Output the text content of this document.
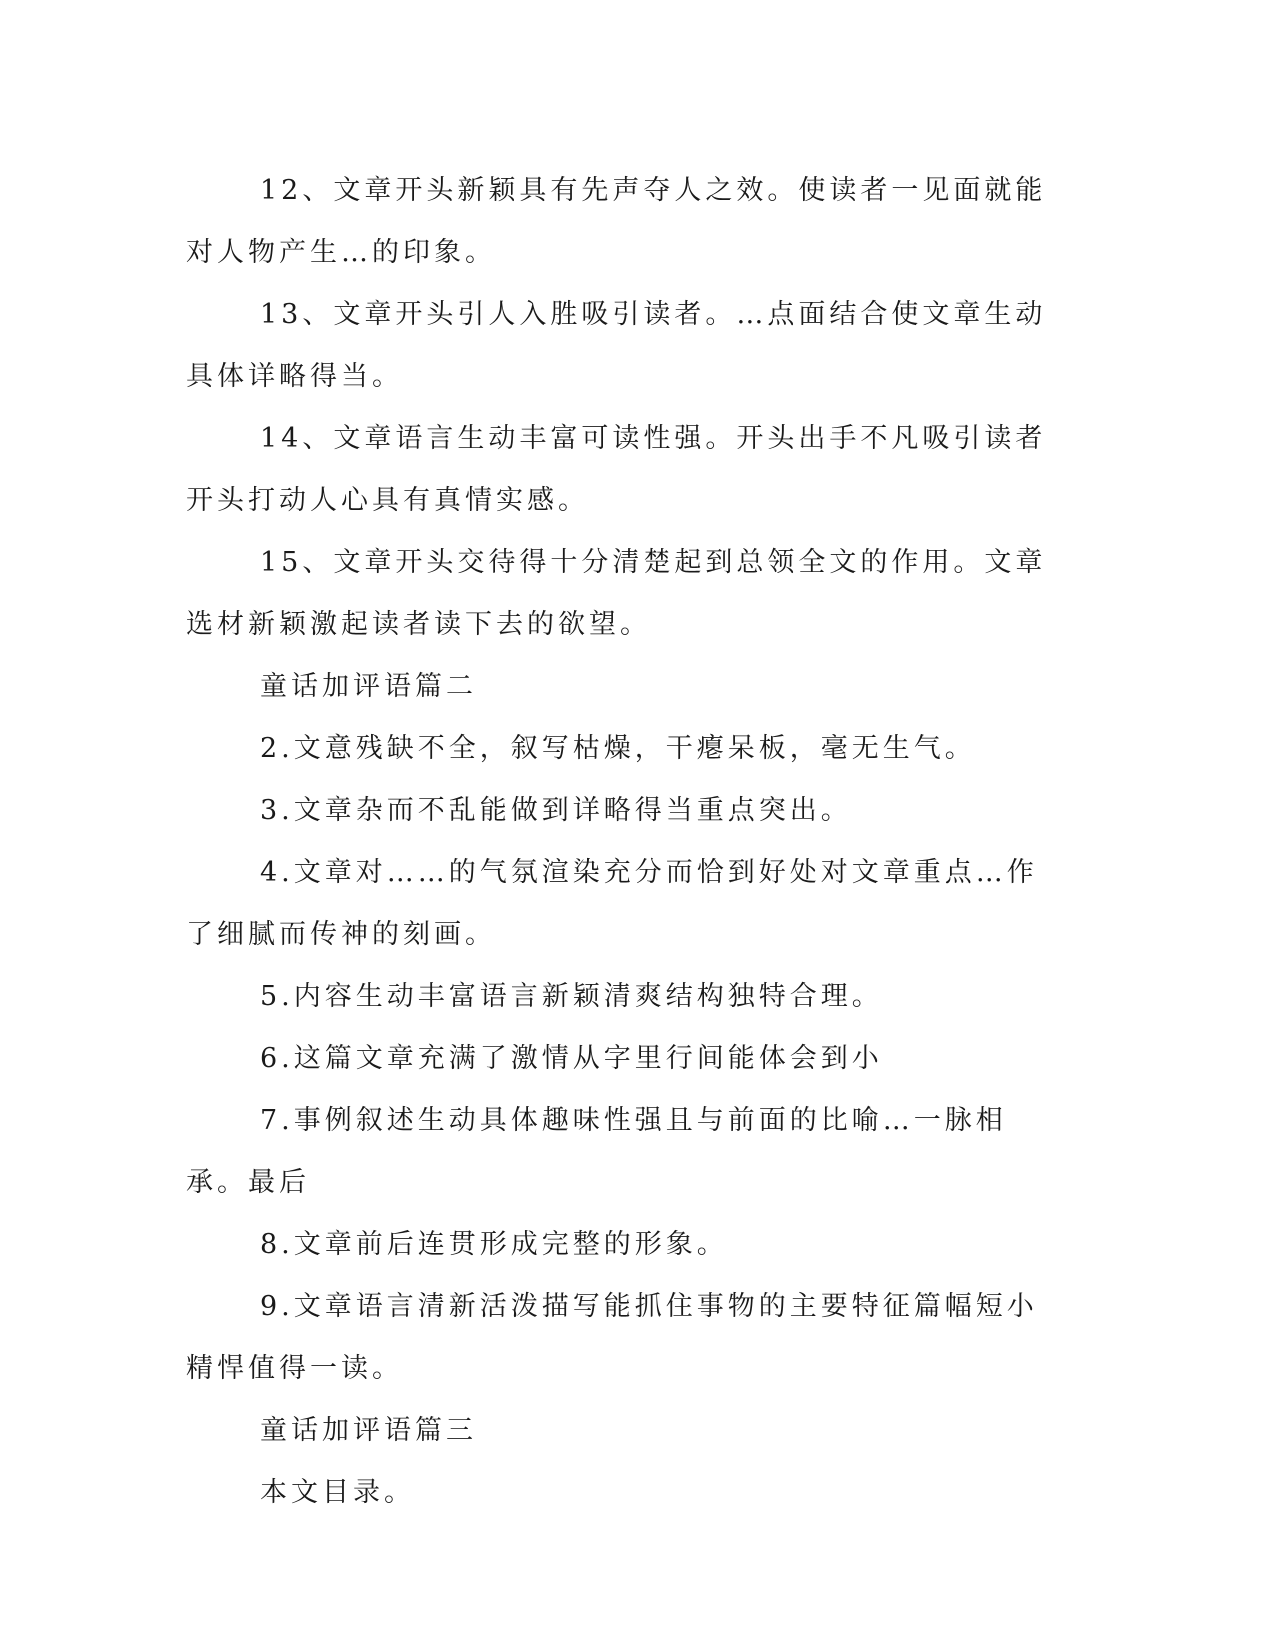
12、文章开头新颖具有先声夺人之效。使读者一见面就能对人物产生…的印象。

13、文章开头引人入胜吸引读者。…点面结合使文章生动具体详略得当。

14、文章语言生动丰富可读性强。开头出手不凡吸引读者开头打动人心具有真情实感。

15、文章开头交待得十分清楚起到总领全文的作用。文章选材新颖激起读者读下去的欲望。

童话加评语篇二

2.文意残缺不全，叙写枯燥，干瘪呆板，毫无生气。

3.文章杂而不乱能做到详略得当重点突出。

4.文章对……的气氛渲染充分而恰到好处对文章重点…作了细腻而传神的刻画。

5.内容生动丰富语言新颖清爽结构独特合理。

6.这篇文章充满了激情从字里行间能体会到小

7.事例叙述生动具体趣味性强且与前面的比喻…一脉相承。最后

8.文章前后连贯形成完整的形象。

9.文章语言清新活泼描写能抓住事物的主要特征篇幅短小精悍值得一读。

童话加评语篇三

本文目录。
